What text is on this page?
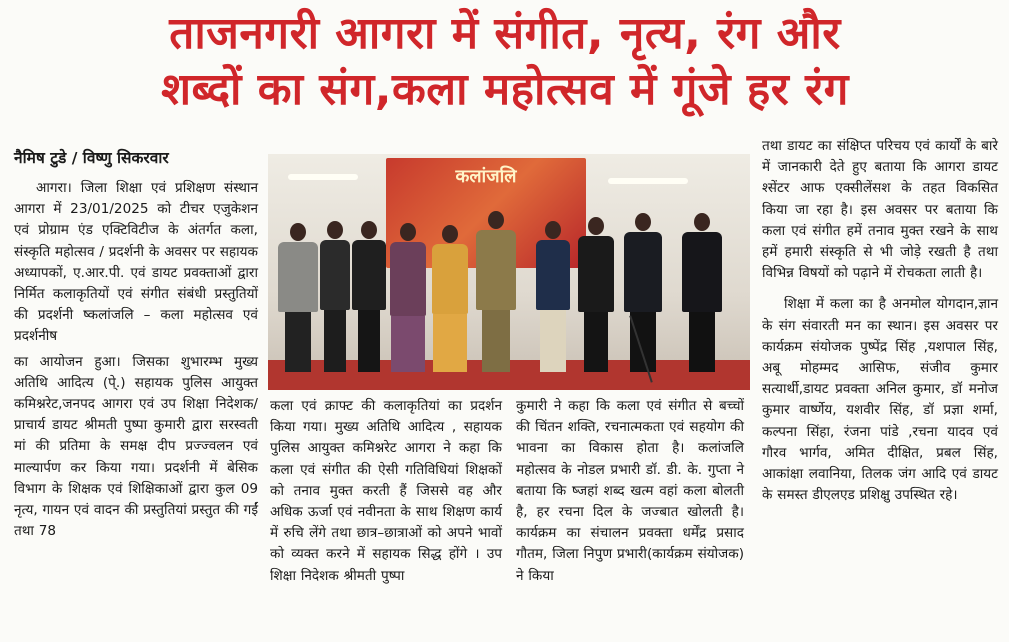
ताजनगरी आगरा में संगीत, नृत्य, रंग और
शब्दों का संग,कला महोत्सव में गूंजे हर रंग
नैमिष टुडे / विष्णु सिकरवार

आगरा। जिला शिक्षा एवं प्रशिक्षण संस्थान आगरा में 23/01/2025 को टीचर एजुकेशन एवं प्रोग्राम एंड एक्टिविटीज के अंतर्गत कला, संस्कृति महोत्सव / प्रदर्शनी के अवसर पर सहायक अध्यापकों, ए.आर.पी. एवं डायट प्रवक्ताओं द्वारा निर्मित कलाकृतियों एवं संगीत संबंधी प्रस्तुतियों की प्रदर्शनी ष्कलांजलि – कला महोत्सव एवं प्रदर्शनीष

का आयोजन हुआ। जिसका शुभारम्भ मुख्य अतिथि आदित्य (पे्.) सहायक पुलिस आयुक्त कमिश्नरेट,जनपद आगरा एवं उप शिक्षा निदेशक/प्राचार्य डायट श्रीमती पुष्पा कुमारी द्वारा सरस्वती मां की प्रतिमा के समक्ष दीप प्रज्ज्वलन एवं माल्यार्पण कर किया गया। प्रदर्शनी में बेसिक विभाग के शिक्षक एवं शिक्षिकाओं द्वारा कुल 09 नृत्य, गायन एवं वादन की प्रस्तुतियां प्रस्तुत की गईं तथा 78

कलांजलि

कला एवं क्राफ्ट की कलाकृतियां का प्रदर्शन किया गया। मुख्य अतिथि आदित्य , सहायक पुलिस आयुक्त कमिश्नरेट आगरा ने कहा कि कला एवं संगीत की ऐसी गतिविधियां शिक्षकों को तनाव मुक्त करती हैं जिससे वह और अधिक ऊर्जा एवं नवीनता के साथ शिक्षण कार्य में रुचि लेंगे तथा छात्र–छात्राओं को अपने भावों को व्यक्त करने में सहायक सिद्ध होंगे । उप शिक्षा निदेशक श्रीमती पुष्पा

कुमारी ने कहा कि कला एवं संगीत से बच्चों की चिंतन शक्ति, रचनात्मकता एवं सहयोग की भावना का विकास होता है। कलांजलि महोत्सव के नोडल प्रभारी डॉ. डी. के. गुप्ता ने बताया कि ष्जहां शब्द खत्म वहां कला बोलती है, हर रचना दिल के जज्बात खोलती है। कार्यक्रम का संचालन प्रवक्ता धर्मेंद्र प्रसाद गौतम, जिला निपुण प्रभारी(कार्यक्रम संयोजक) ने किया

तथा डायट का संक्षिप्त परिचय एवं कार्यों के बारे में जानकारी देते हुए बताया कि आगरा डायट श्सेंटर आफ एक्सीलेंसश के तहत विकसित किया जा रहा है। इस अवसर पर बताया कि कला एवं संगीत हमें तनाव मुक्त रखने के साथ हमें हमारी संस्कृति से भी जोड़े रखती है तथा विभिन्न विषयों को पढ़ाने में रोचकता लाती है।

शिक्षा में कला का है अनमोल योगदान,ज्ञान के संग संवारती मन का स्थान। इस अवसर पर कार्यक्रम संयोजक पुष्पेंद्र सिंह ,यशपाल सिंह, अबू मोहम्मद आसिफ, संजीव कुमार सत्यार्थी,डायट प्रवक्ता अनिल कुमार, डॉ मनोज कुमार वार्ष्णेय, यशवीर सिंह, डॉ प्रज्ञा शर्मा, कल्पना सिंहा, रंजना पांडे ,रचना यादव एवं गौरव भार्गव, अमित दीक्षित, प्रबल सिंह, आकांक्षा लवानिया, तिलक जंग आदि एवं डायट के समस्त डीएलएड प्रशिक्षु उपस्थित रहे।
